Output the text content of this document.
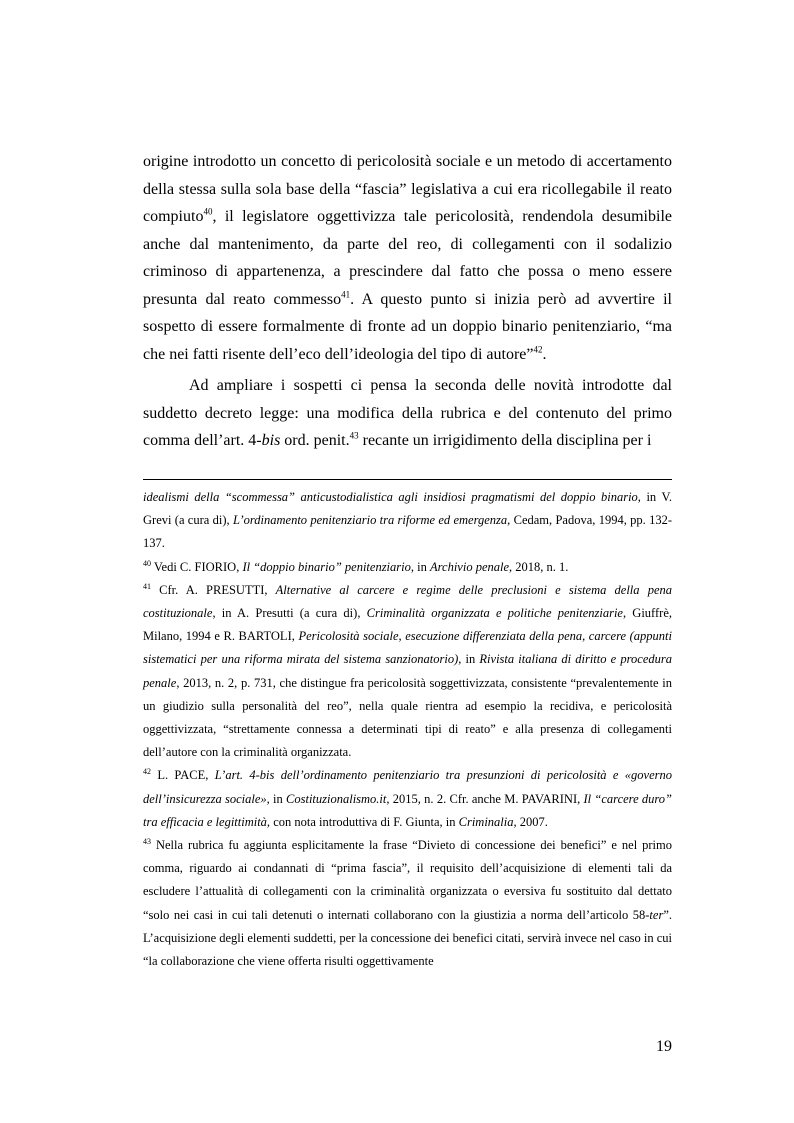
origine introdotto un concetto di pericolosità sociale e un metodo di accertamento della stessa sulla sola base della “fascia” legislativa a cui era ricollegabile il reato compiuto$^{40}$, il legislatore oggettivizza tale pericolosità, rendendola desumibile anche dal mantenimento, da parte del reo, di collegamenti con il sodalizio criminoso di appartenenza, a prescindere dal fatto che possa o meno essere presunta dal reato commesso$^{41}$. A questo punto si inizia però ad avvertire il sospetto di essere formalmente di fronte ad un doppio binario penitenziario, “ma che nei fatti risente dell’eco dell’ideologia del tipo di autore”$^{42}$.

Ad ampliare i sospetti ci pensa la seconda delle novità introdotte dal suddetto decreto legge: una modifica della rubrica e del contenuto del primo comma dell’art. 4-bis ord. penit.$^{43}$ recante un irrigidimento della disciplina per i

idealismi della “scommessa” anticustodialistica agli insidiosi pragmatismi del doppio binario, in V. Grevi (a cura di), L’ordinamento penitenziario tra riforme ed emergenza, Cedam, Padova, 1994, pp. 132-137.

$^{40}$ Vedi C. FIORIO, Il “doppio binario” penitenziario, in Archivio penale, 2018, n. 1.

$^{41}$ Cfr. A. PRESUTTI, Alternative al carcere e regime delle preclusioni e sistema della pena costituzionale, in A. Presutti (a cura di), Criminalità organizzata e politiche penitenziarie, Giuffrè, Milano, 1994 e R. BARTOLI, Pericolosità sociale, esecuzione differenziata della pena, carcere (appunti sistematici per una riforma mirata del sistema sanzionatorio), in Rivista italiana di diritto e procedura penale, 2013, n. 2, p. 731, che distingue fra pericolosità soggettivizzata, consistente “prevalentemente in un giudizio sulla personalità del reo”, nella quale rientra ad esempio la recidiva, e pericolosità oggettivizzata, “strettamente connessa a determinati tipi di reato” e alla presenza di collegamenti dell’autore con la criminalità organizzata.

$^{42}$ L. PACE, L’art. 4-bis dell’ordinamento penitenziario tra presunzioni di pericolosità e «governo dell’insicurezza sociale», in Costituzionalismo.it, 2015, n. 2. Cfr. anche M. PAVARINI, Il “carcere duro” tra efficacia e legittimità, con nota introduttiva di F. Giunta, in Criminalia, 2007.

$^{43}$ Nella rubrica fu aggiunta esplicitamente la frase “Divieto di concessione dei benefici” e nel primo comma, riguardo ai condannati di “prima fascia”, il requisito dell’acquisizione di elementi tali da escludere l’attualità di collegamenti con la criminalità organizzata o eversiva fu sostituito dal dettato “solo nei casi in cui tali detenuti o internati collaborano con la giustizia a norma dell’articolo 58-ter”. L’acquisizione degli elementi suddetti, per la concessione dei benefici citati, servirà invece nel caso in cui “la collaborazione che viene offerta risulti oggettivamente

19
